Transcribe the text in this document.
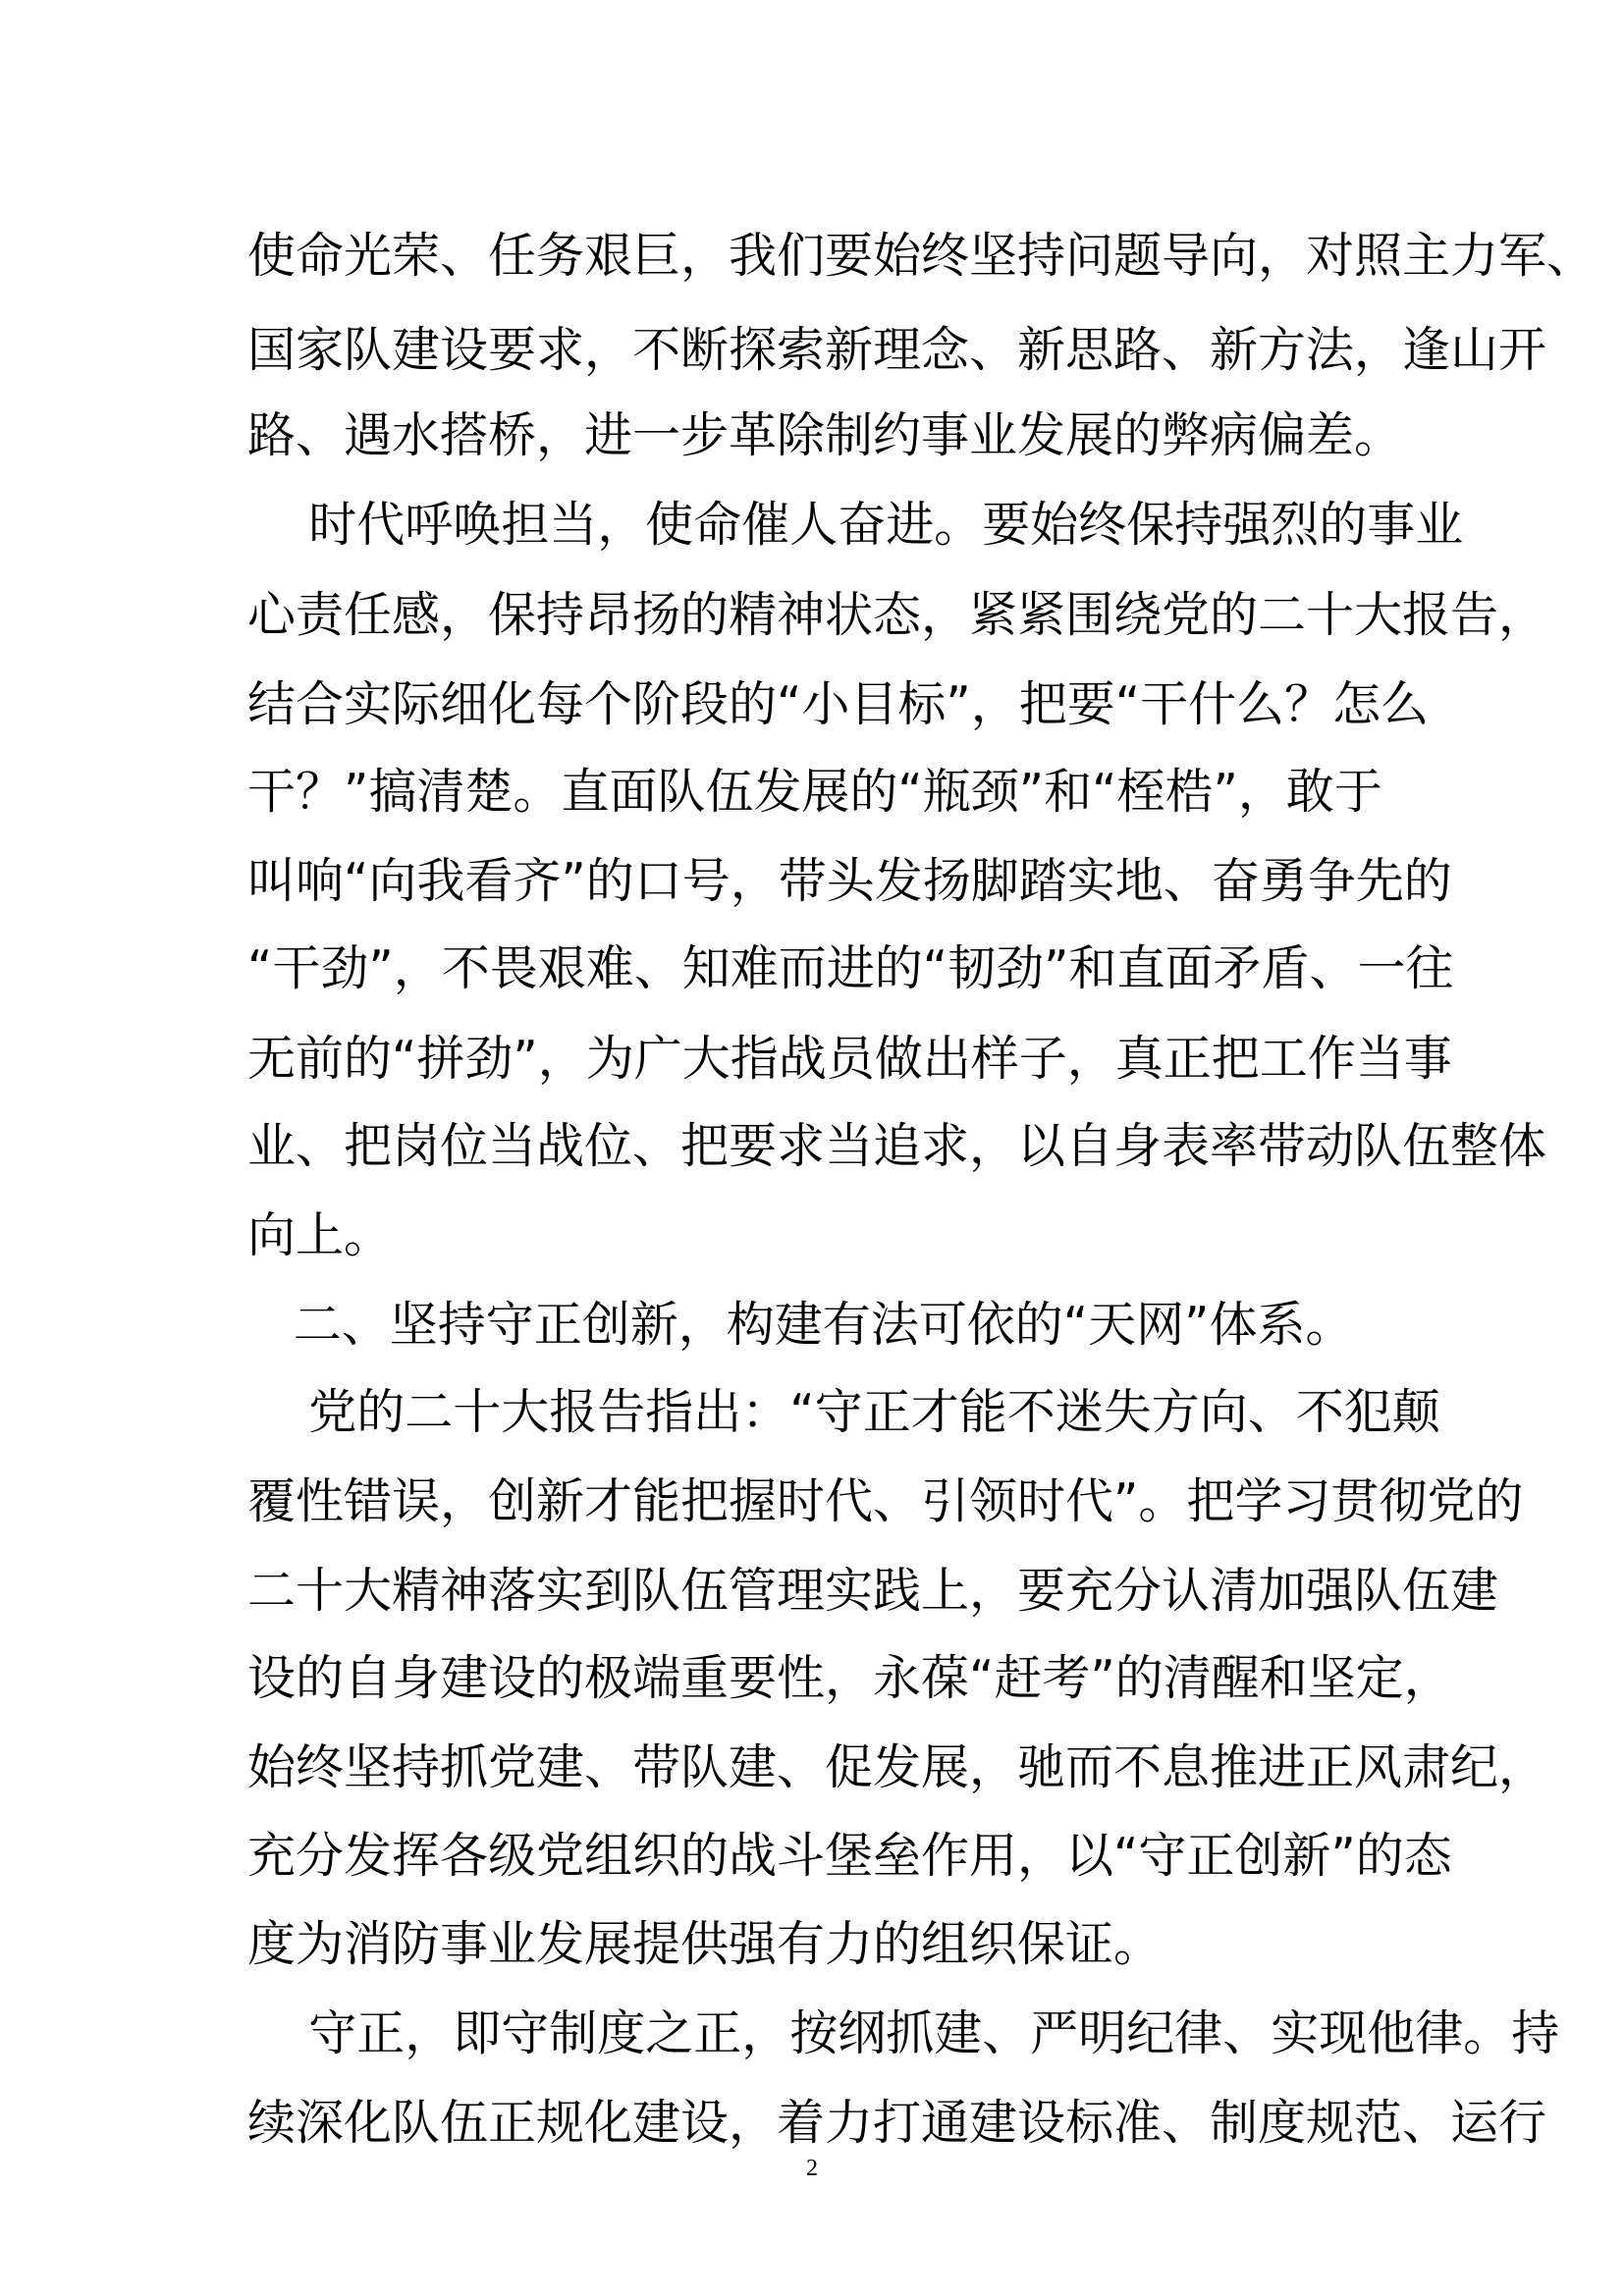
使命光荣、任务艰巨，我们要始终坚持问题导向，对照主力军、
国家队建设要求，不断探索新理念、新思路、新方法，逢山开
路、遇水搭桥，进一步革除制约事业发展的弊病偏差。
时代呼唤担当，使命催人奋进。要始终保持强烈的事业
心责任感，保持昂扬的精神状态，紧紧围绕党的二十大报告，
结合实际细化每个阶段的“小目标”，把要“干什么？怎么
干？”搞清楚。直面队伍发展的“瓶颈”和“桎梏”，敢于
叫响“向我看齐”的口号，带头发扬脚踏实地、奋勇争先的
“干劲”，不畏艰难、知难而进的“韧劲”和直面矛盾、一往
无前的“拼劲”，为广大指战员做出样子，真正把工作当事
业、把岗位当战位、把要求当追求，以自身表率带动队伍整体
向上。
二、坚持守正创新，构建有法可依的“天网”体系。
党的二十大报告指出：“守正才能不迷失方向、不犯颠
覆性错误，创新才能把握时代、引领时代”。把学习贯彻党的
二十大精神落实到队伍管理实践上，要充分认清加强队伍建
设的自身建设的极端重要性，永葆“赶考”的清醒和坚定，
始终坚持抓党建、带队建、促发展，驰而不息推进正风肃纪，
充分发挥各级党组织的战斗堡垒作用，以“守正创新”的态
度为消防事业发展提供强有力的组织保证。
守正，即守制度之正，按纲抓建、严明纪律、实现他律。持
续深化队伍正规化建设，着力打通建设标准、制度规范、运行
2
